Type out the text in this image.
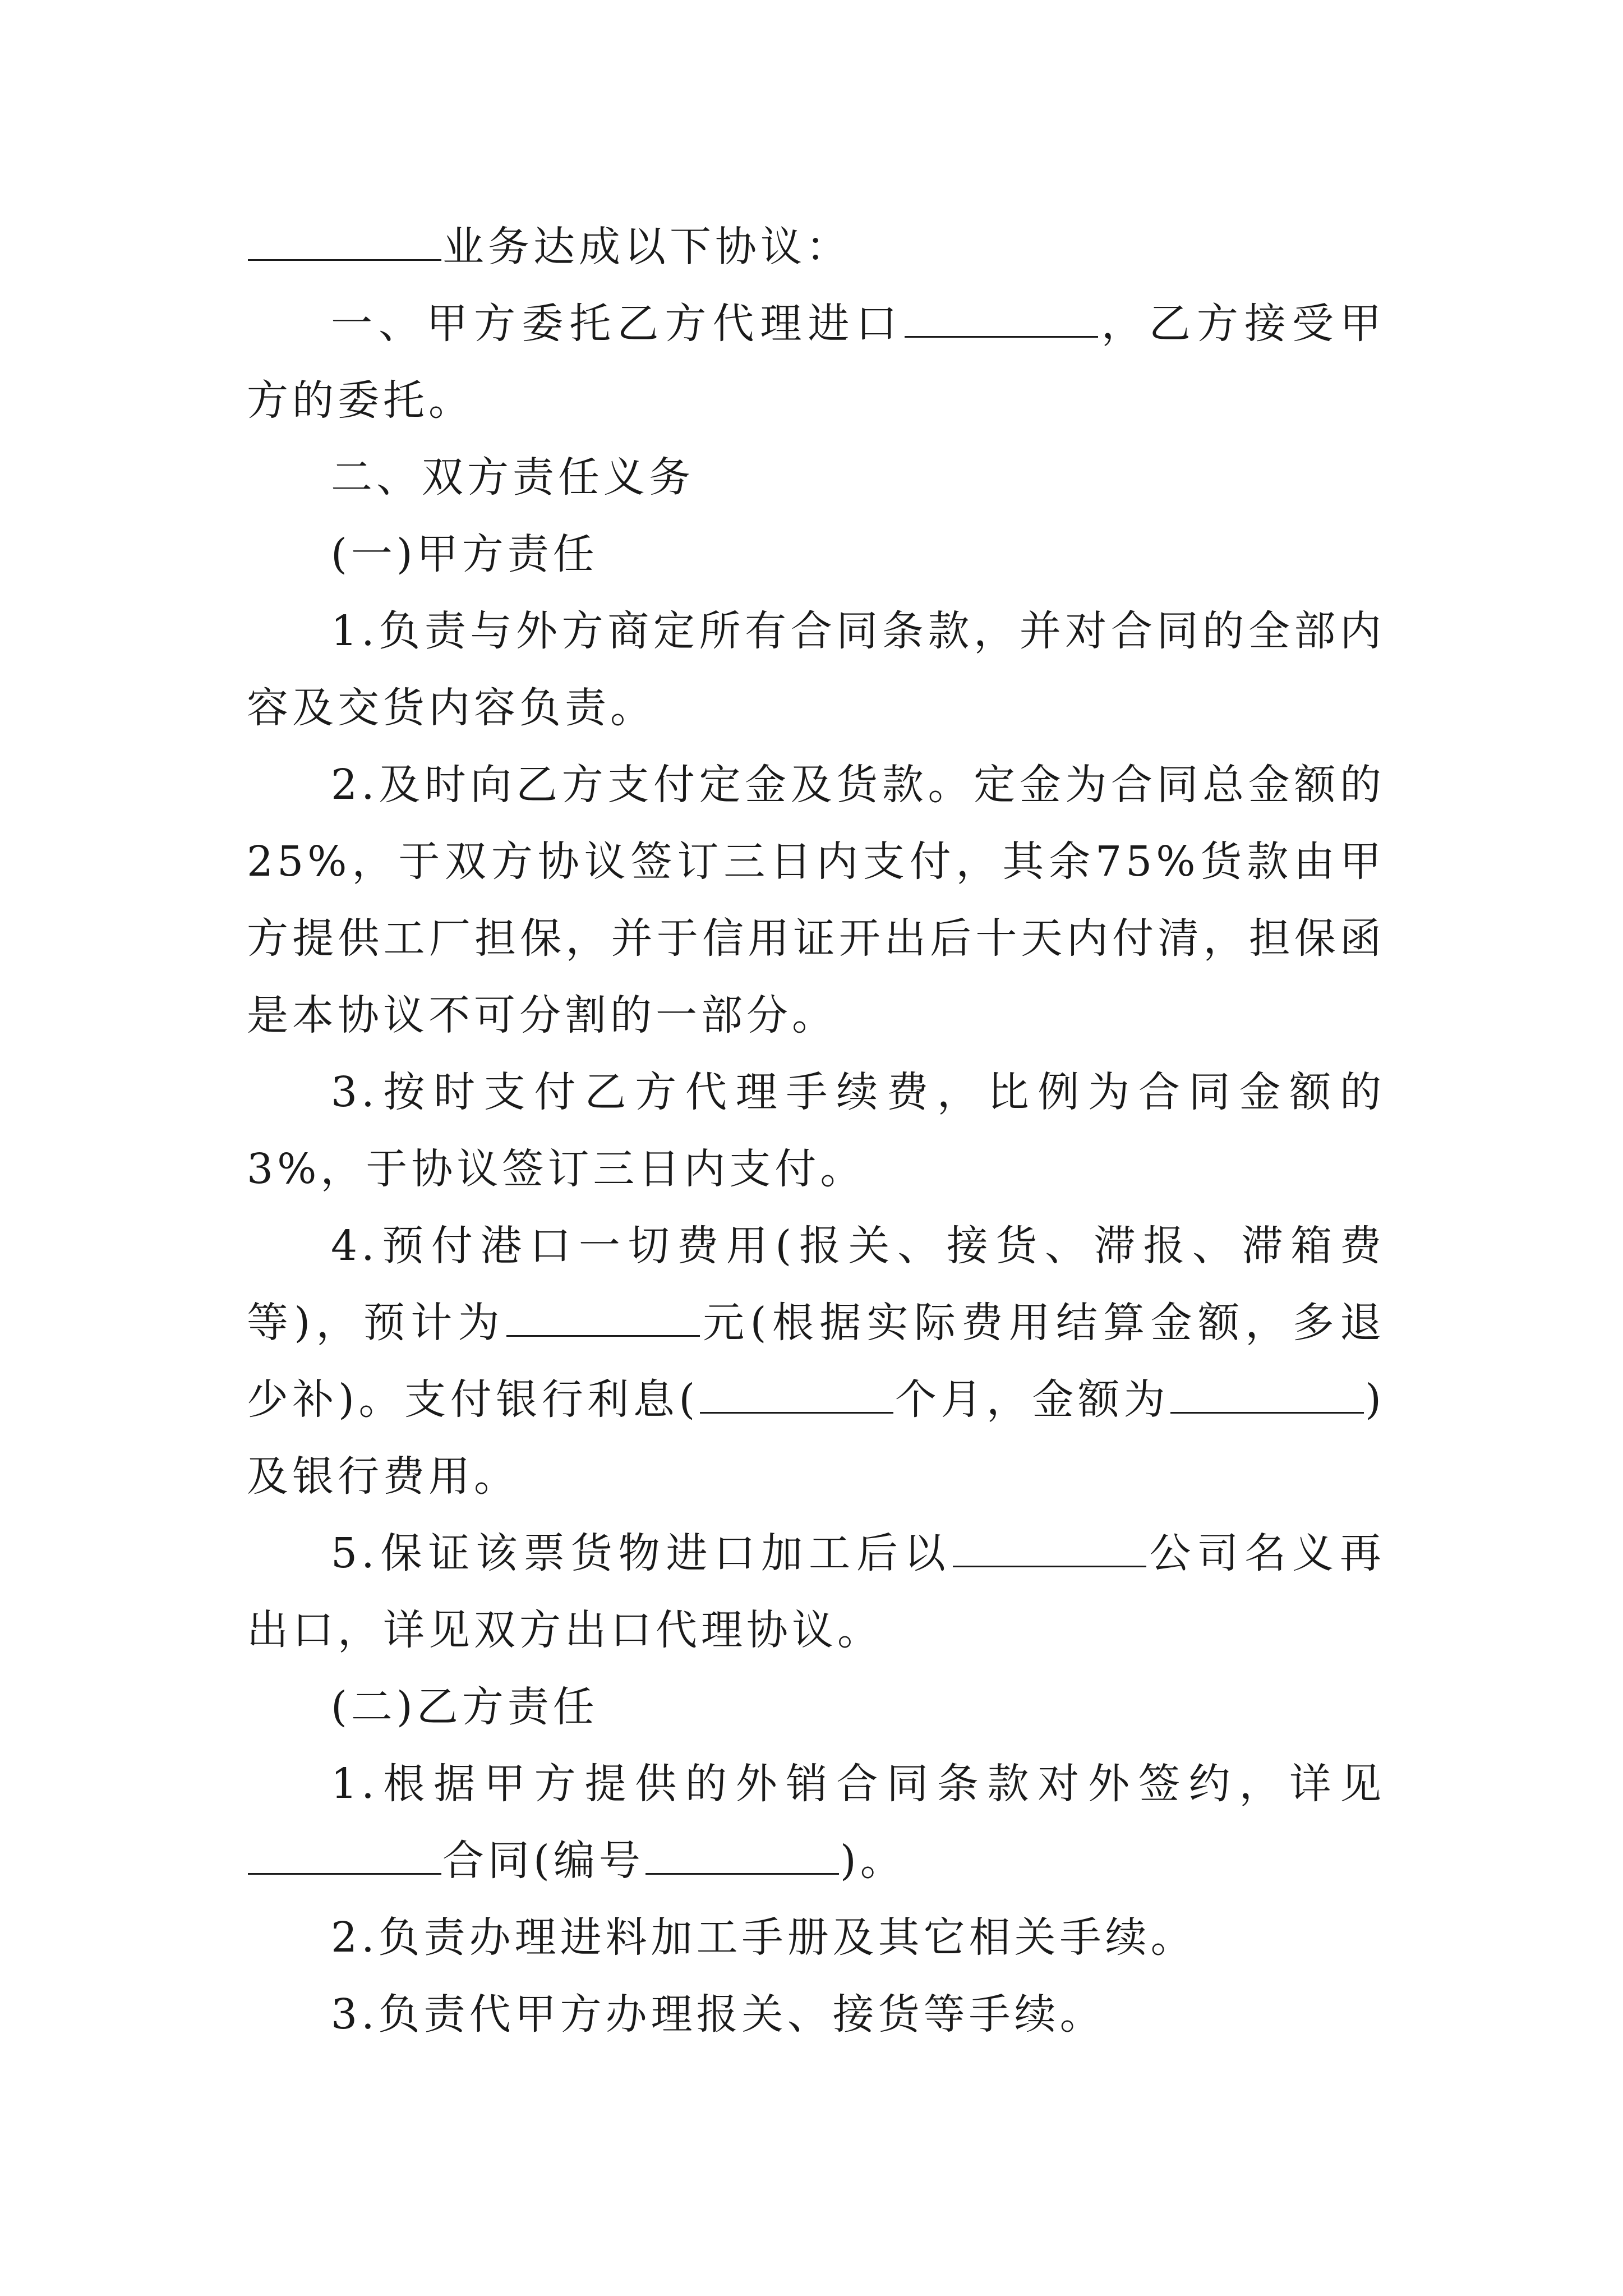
业务达成以下协议：

一、甲方委托乙方代理进口	，乙方接受甲方的委托。

二、双方责任义务

(一)甲方责任

1.负责与外方商定所有合同条款，并对合同的全部内容及交货内容负责。

2.及时向乙方支付定金及货款。定金为合同总金额的25%，于双方协议签订三日内支付，其余75%货款由甲方提供工厂担保，并于信用证开出后十天内付清，担保函是本协议不可分割的一部分。

3.按时支付乙方代理手续费，比例为合同金额的3%，于协议签订三日内支付。

4.预付港口一切费用(报关、接货、滞报、滞箱费等)，预计为	元(根据实际费用结算金额，多退少补)。支付银行利息(	个月，金额为	)及银行费用。

5.保证该票货物进口加工后以	公司名义再出口，详见双方出口代理协议。

(二)乙方责任

1.根据甲方提供的外销合同条款对外签约，详见合同(编号	)。

2.负责办理进料加工手册及其它相关手续。

3.负责代甲方办理报关、接货等手续。
